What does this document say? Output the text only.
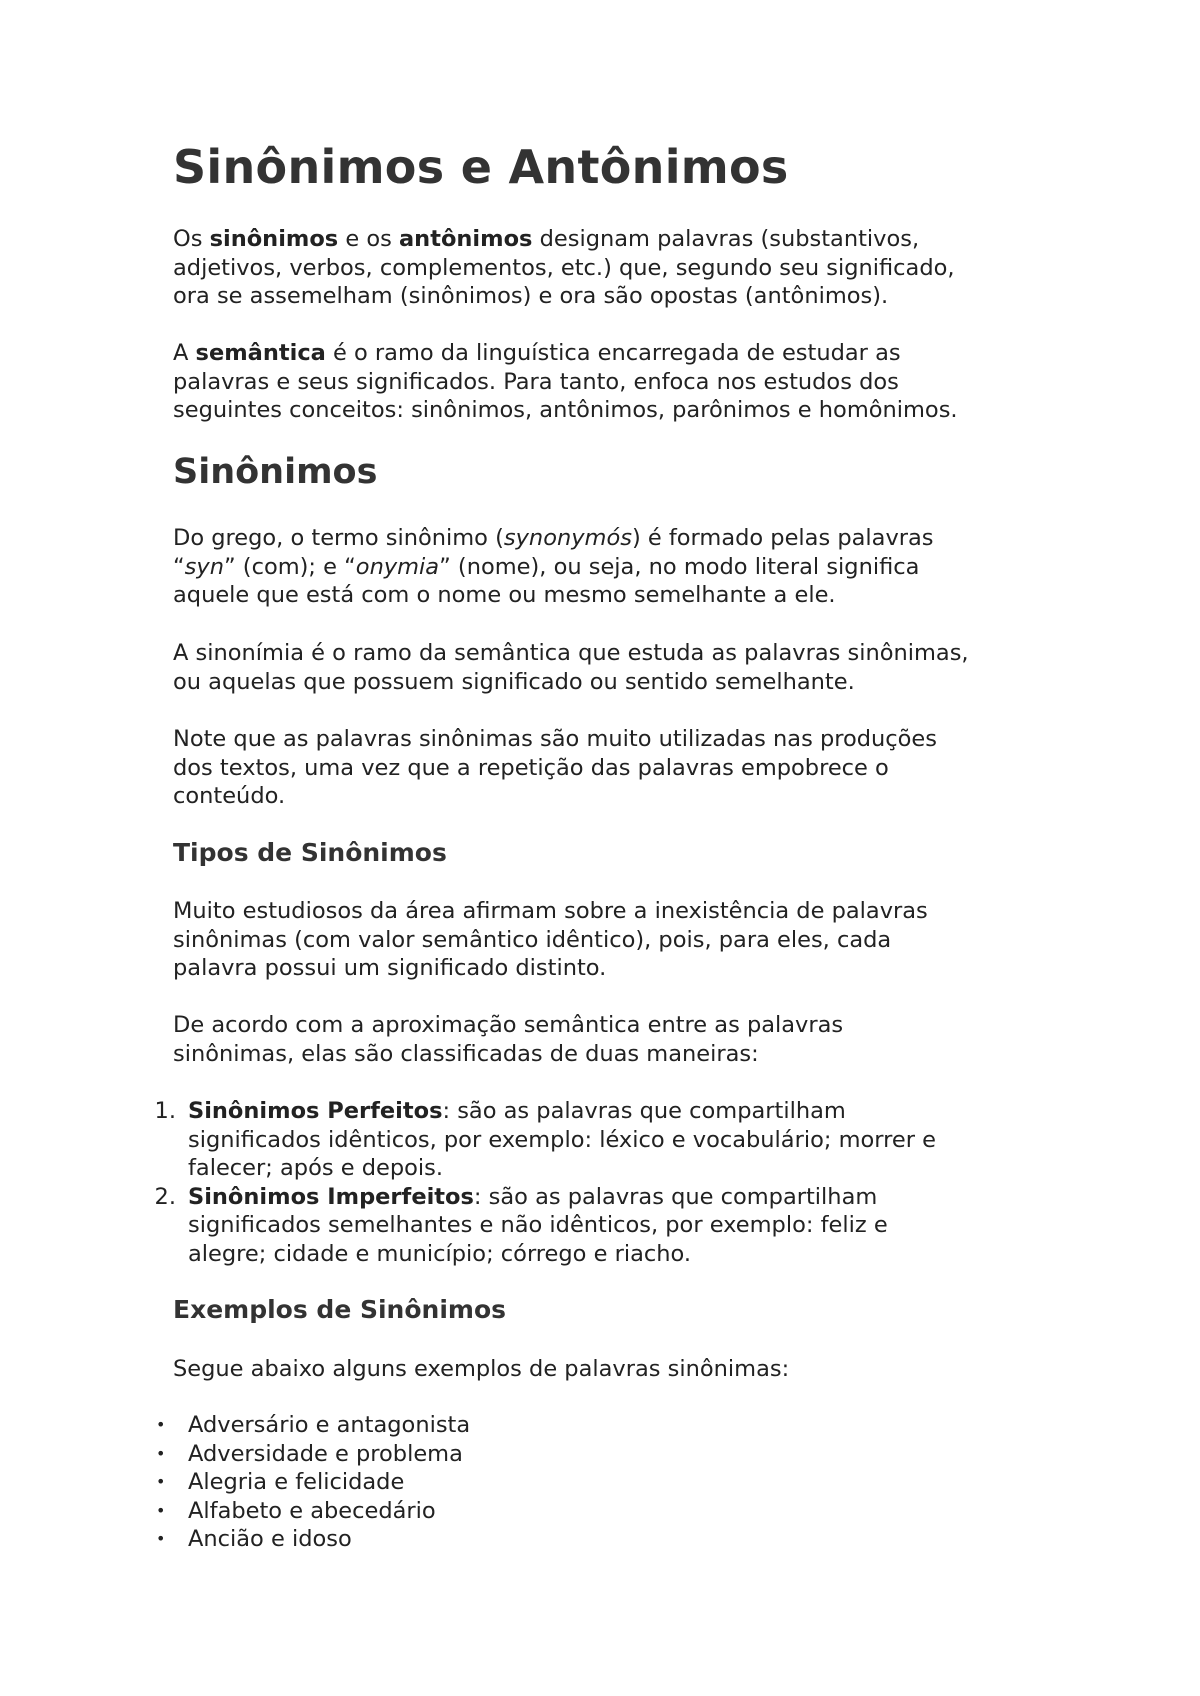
Sinônimos e Antônimos

Os sinônimos e os antônimos designam palavras (substantivos,
adjetivos, verbos, complementos, etc.) que, segundo seu significado,
ora se assemelham (sinônimos) e ora são opostas (antônimos).

A semântica é o ramo da linguística encarregada de estudar as
palavras e seus significados. Para tanto, enfoca nos estudos dos
seguintes conceitos: sinônimos, antônimos, parônimos e homônimos.

Sinônimos

Do grego, o termo sinônimo (synonymós) é formado pelas palavras
“syn” (com); e “onymia” (nome), ou seja, no modo literal significa
aquele que está com o nome ou mesmo semelhante a ele.

A sinonímia é o ramo da semântica que estuda as palavras sinônimas,
ou aquelas que possuem significado ou sentido semelhante.

Note que as palavras sinônimas são muito utilizadas nas produções
dos textos, uma vez que a repetição das palavras empobrece o
conteúdo.

Tipos de Sinônimos

Muito estudiosos da área afirmam sobre a inexistência de palavras
sinônimas (com valor semântico idêntico), pois, para eles, cada
palavra possui um significado distinto.

De acordo com a aproximação semântica entre as palavras
sinônimas, elas são classificadas de duas maneiras:

1. Sinônimos Perfeitos: são as palavras que compartilham
significados idênticos, por exemplo: léxico e vocabulário; morrer e
falecer; após e depois.
2. Sinônimos Imperfeitos: são as palavras que compartilham
significados semelhantes e não idênticos, por exemplo: feliz e
alegre; cidade e município; córrego e riacho.
Exemplos de Sinônimos

Segue abaixo alguns exemplos de palavras sinônimas:

• Adversário e antagonista
• Adversidade e problema
• Alegria e felicidade
• Alfabeto e abecedário
• Ancião e idoso
